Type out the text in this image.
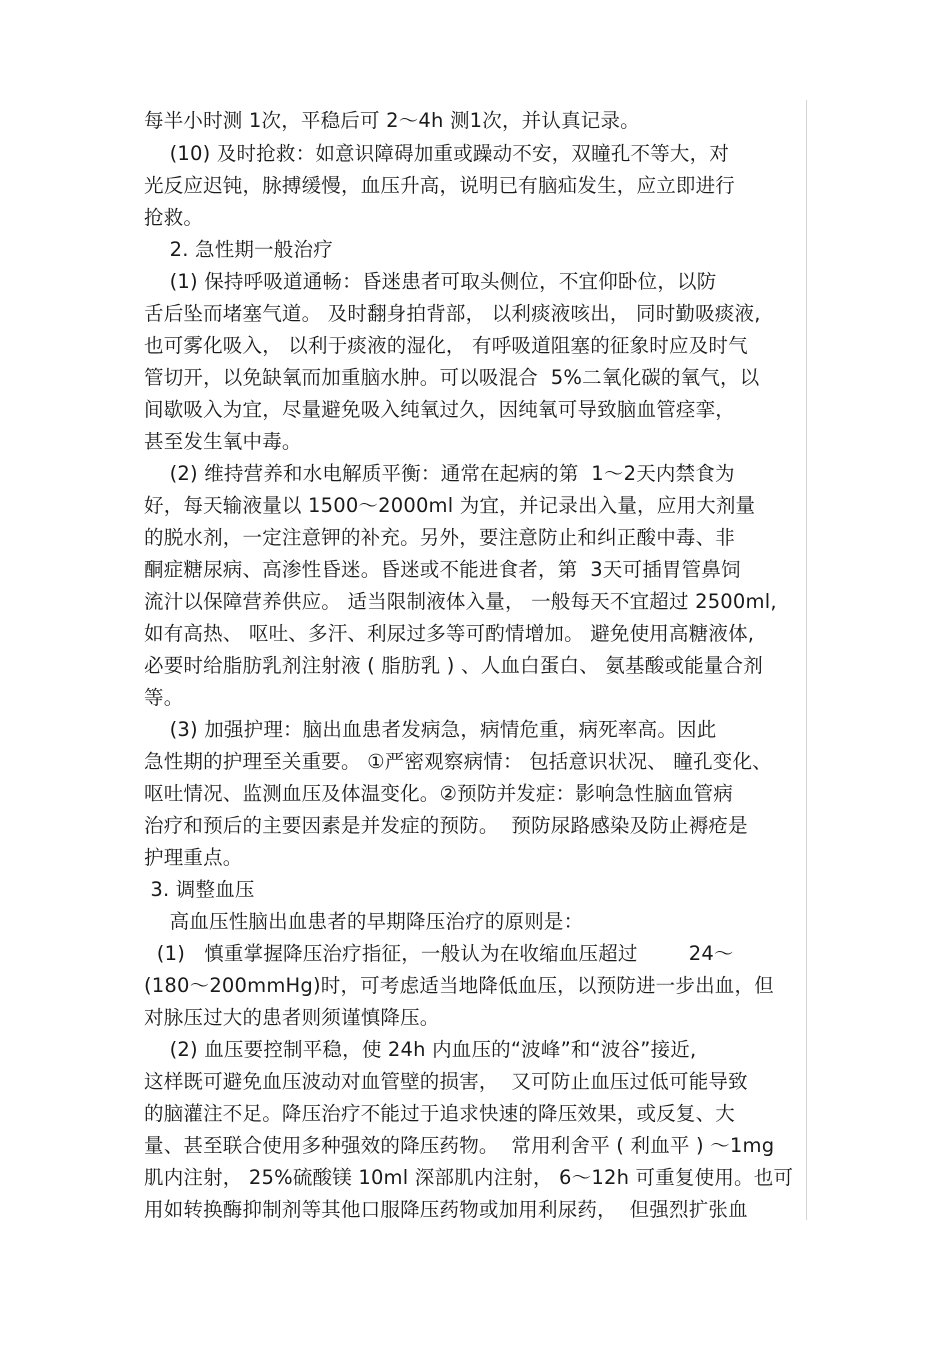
每半小时测 1次，平稳后可 2～4h 测1次，并认真记录。
(10) 及时抢救：如意识障碍加重或躁动不安，双瞳孔不等大，对
光反应迟钝，脉搏缓慢，血压升高，说明已有脑疝发生，应立即进行
抢救。
2. 急性期一般治疗
(1) 保持呼吸道通畅：昏迷患者可取头侧位，不宜仰卧位，以防
舌后坠而堵塞气道。 及时翻身拍背部， 以利痰液咳出， 同时勤吸痰液,
也可雾化吸入， 以利于痰液的湿化， 有呼吸道阻塞的征象时应及时气
管切开，以免缺氧而加重脑水肿。可以吸混合  5%二氧化碳的氧气，以
间歇吸入为宜，尽量避免吸入纯氧过久，因纯氧可导致脑血管痉挛，
甚至发生氧中毒。
(2) 维持营养和水电解质平衡：通常在起病的第  1～2天内禁食为
好，每天输液量以 1500～2000ml 为宜，并记录出入量，应用大剂量
的脱水剂，一定注意钾的补充。另外，要注意防止和纠正酸中毒、非
酮症糖尿病、高渗性昏迷。昏迷或不能进食者，第  3天可插胃管鼻饲
流汁以保障营养供应。 适当限制液体入量， 一般每天不宜超过 2500ml,
如有高热、 呕吐、多汗、利尿过多等可酌情增加。 避免使用高糖液体,
必要时给脂肪乳剂注射液 ( 脂肪乳 ) 、人血白蛋白、 氨基酸或能量合剂
等。
(3) 加强护理：脑出血患者发病急，病情危重，病死率高。因此
急性期的护理至关重要。 ①严密观察病情： 包括意识状况、 瞳孔变化、
呕吐情况、监测血压及体温变化。②预防并发症：影响急性脑血管病
治疗和预后的主要因素是并发症的预防。  预防尿路感染及防止褥疮是
护理重点。
3. 调整血压
高血压性脑出血患者的早期降压治疗的原则是：
(1)   慎重掌握降压治疗指征，一般认为在收缩血压超过        24～
(180～200mmHg)时，可考虑适当地降低血压，以预防进一步出血，但
对脉压过大的患者则须谨慎降压。
(2) 血压要控制平稳，使 24h 内血压的“波峰”和“波谷”接近,
这样既可避免血压波动对血管壁的损害，  又可防止血压过低可能导致
的脑灌注不足。降压治疗不能过于追求快速的降压效果，或反复、大
量、甚至联合使用多种强效的降压药物。  常用利舍平 ( 利血平 ) ～1mg
肌内注射， 25%硫酸镁 10ml 深部肌内注射， 6～12h 可重复使用。也可
用如转换酶抑制剂等其他口服降压药物或加用利尿药，  但强烈扩张血
